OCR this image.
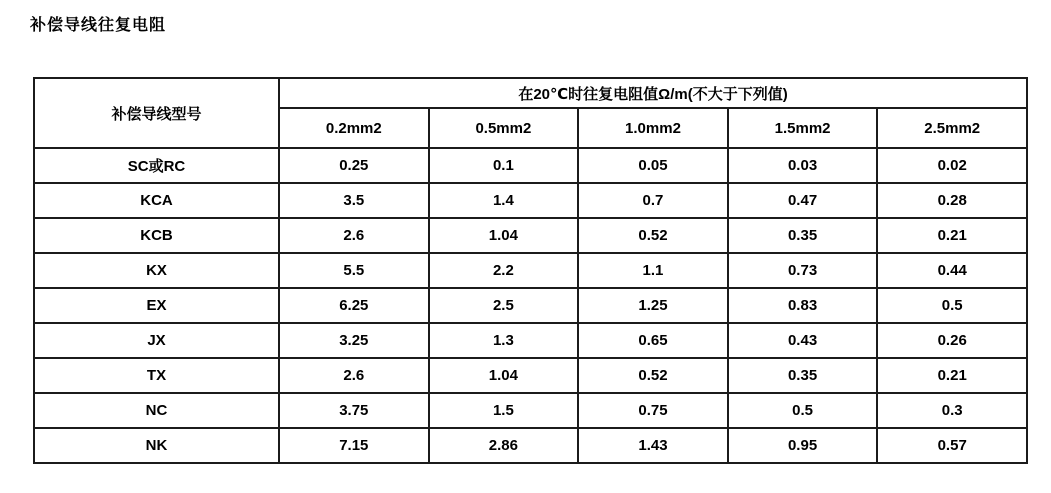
补偿导线往复电阻
补偿导线型号	在20℃时往复电阻值Ω/m(不大于下列值)				
	0.2mm2	0.5mm2	1.0mm2	1.5mm2	2.5mm2
SC或RC	0.25	0.1	0.05	0.03	0.02
KCA	3.5	1.4	0.7	0.47	0.28
KCB	2.6	1.04	0.52	0.35	0.21
KX	5.5	2.2	1.1	0.73	0.44
EX	6.25	2.5	1.25	0.83	0.5
JX	3.25	1.3	0.65	0.43	0.26
TX	2.6	1.04	0.52	0.35	0.21
NC	3.75	1.5	0.75	0.5	0.3
NK	7.15	2.86	1.43	0.95	0.57
